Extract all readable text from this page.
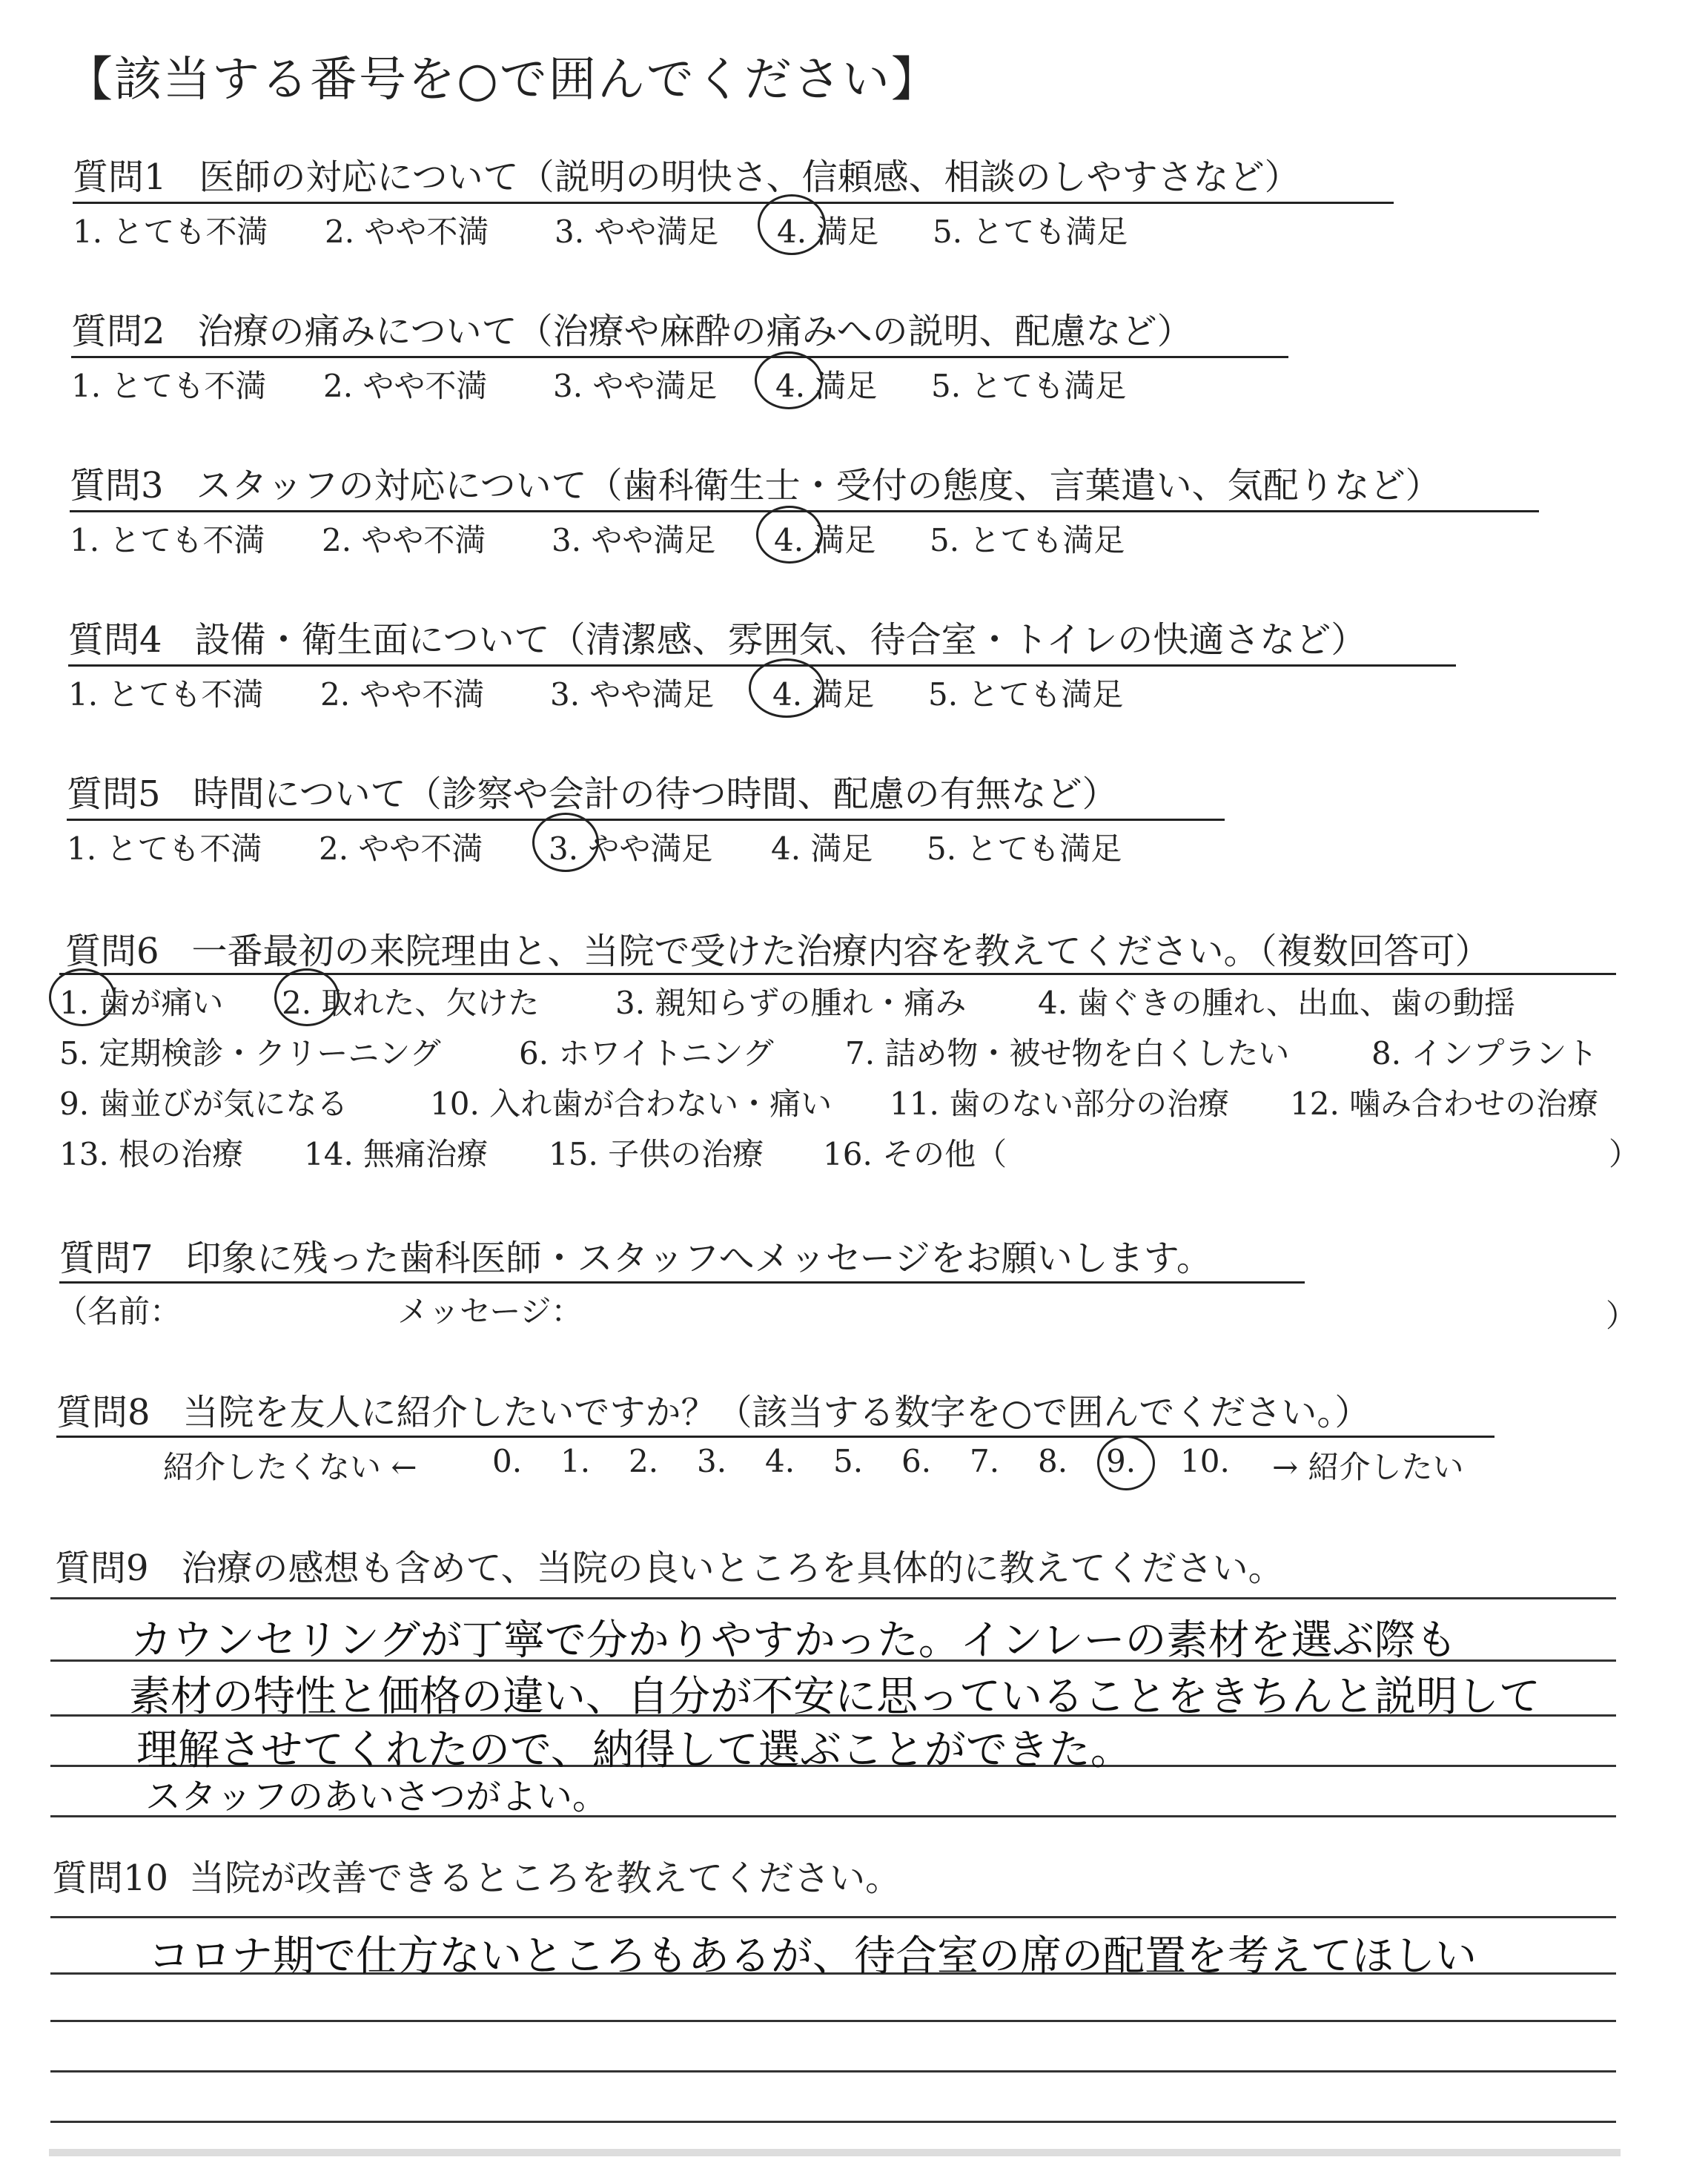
【該当する番号を○で囲んでください】
質問1 医師の対応について（説明の明快さ、信頼感、相談のしやすさなど）
1. とても不満 2. やや不満 3. やや満足 4. 満足 5. とても満足
質問2 治療の痛みについて（治療や麻酔の痛みへの説明、配慮など）
1. とても不満 2. やや不満 3. やや満足 4. 満足 5. とても満足
質問3 スタッフの対応について（歯科衛生士・受付の態度、言葉遣い、気配りなど）
1. とても不満 2. やや不満 3. やや満足 4. 満足 5. とても満足
質問4 設備・衛生面について（清潔感、雰囲気、待合室・トイレの快適さなど）
1. とても不満 2. やや不満 3. やや満足 4. 満足 5. とても満足
質問5 時間について（診察や会計の待つ時間、配慮の有無など）
1. とても不満 2. やや不満 3. やや満足 4. 満足 5. とても満足
質問6 一番最初の来院理由と、当院で受けた治療内容を教えてください。（複数回答可）
1. 歯が痛い 2. 取れた、欠けた 3. 親知らずの腫れ・痛み 4. 歯ぐきの腫れ、出血、歯の動揺
5. 定期検診・クリーニング	6. ホワイトニング 7. 詰め物・被せ物を白くしたい	8. インプラント
9. 歯並びが気になる	10. 入れ歯が合わない・痛い 11. 歯のない部分の治療 12. 噛み合わせの治療
13. 根の治療 14. 無痛治療 15. 子供の治療 16. その他（	）
質問7 印象に残った歯科医師・スタッフへメッセージをお願いします。
（名前：	メッセージ：	）
質問8 当院を友人に紹介したいですか？（該当する数字を○で囲んでください。）
紹介したくない ← 0. 1. 2. 3. 4. 5. 6. 7. 8. 9. 10. → 紹介したい
質問9 治療の感想も含めて、当院の良いところを具体的に教えてください。
カウンセリングが丁寧で分かりやすかった。インレーの素材を選ぶ際も
素材の特性と価格の違い、自分が不安に思っていることをきちんと説明して
理解させてくれたので、納得して選ぶことができた。
スタッフのあいさつがよい。
質問10 当院が改善できるところを教えてください。
コロナ期で仕方ないところもあるが、待合室の席の配置を考えてほしい
